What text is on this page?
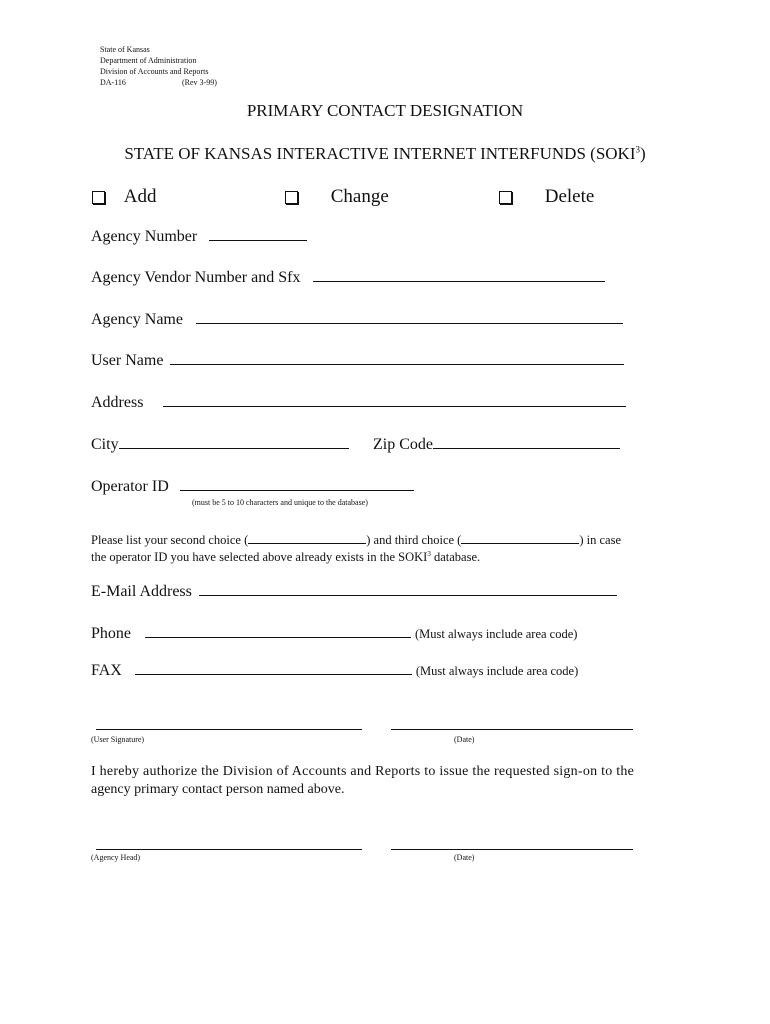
State of Kansas
Department of Administration
Division of Accounts and Reports
DA-116	(Rev 3-99)
PRIMARY CONTACT DESIGNATION
STATE OF KANSAS INTERACTIVE INTERNET INTERFUNDS (SOKI$^3$)
Add	Change	Delete
Agency Number
Agency Vendor Number and Sfx
Agency Name
User Name
Address
City	Zip Code
Operator ID
(must be 5 to 10 characters and unique to the database)
Please list your second choice (	) and third choice (	) in case
the operator ID you have selected above already exists in the SOKI$^3$ database.
E-Mail Address
Phone	(Must always include area code)
FAX	(Must always include area code)
(User Signature)	(Date)
I hereby authorize the Division of Accounts and Reports to issue the requested sign-on to the
agency primary contact person named above.
(Agency Head)	(Date)
